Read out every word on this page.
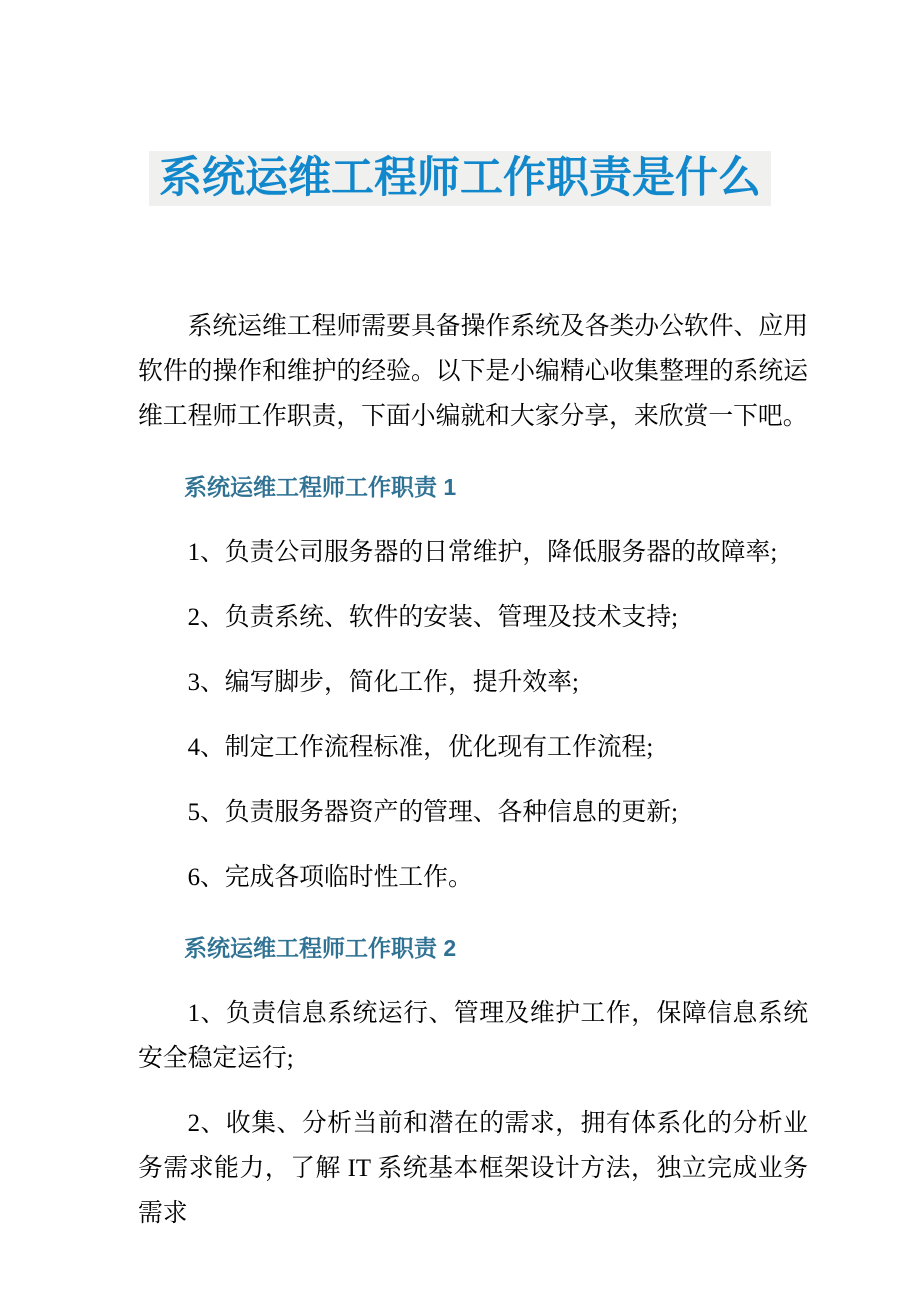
系统运维工程师工作职责是什么

系统运维工程师需要具备操作系统及各类办公软件、应用软件的操作和维护的经验。以下是小编精心收集整理的系统运维工程师工作职责，下面小编就和大家分享，来欣赏一下吧。

系统运维工程师工作职责 1

1、负责公司服务器的日常维护，降低服务器的故障率;

2、负责系统、软件的安装、管理及技术支持;

3、编写脚步，简化工作，提升效率;

4、制定工作流程标准，优化现有工作流程;

5、负责服务器资产的管理、各种信息的更新;

6、完成各项临时性工作。

系统运维工程师工作职责 2

1、负责信息系统运行、管理及维护工作，保障信息系统安全稳定运行;

2、收集、分析当前和潜在的需求，拥有体系化的分析业务需求能力，了解 IT 系统基本框架设计方法，独立完成业务需求
